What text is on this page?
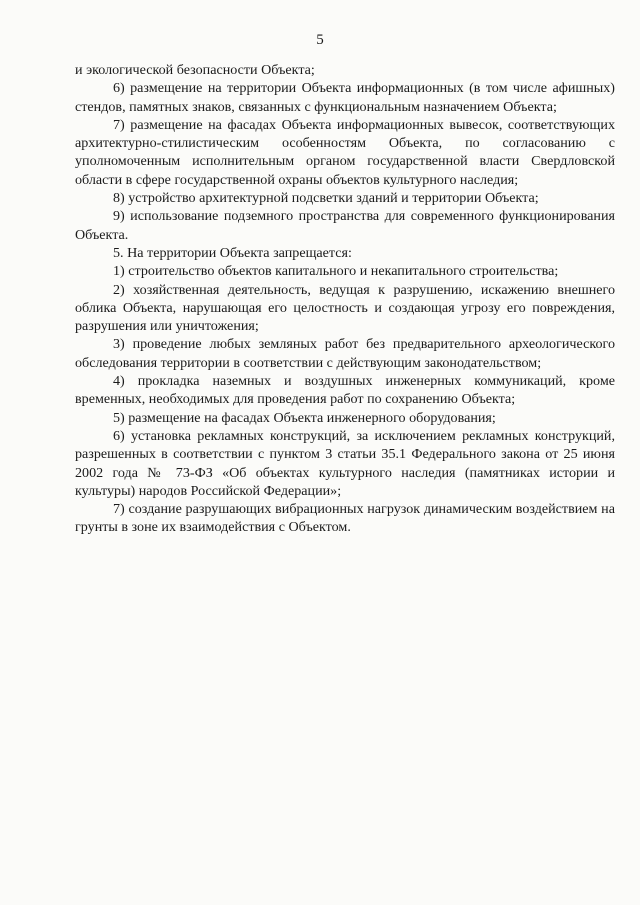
5

и экологической безопасности Объекта;

6) размещение на территории Объекта информационных (в том числе афишных) стендов, памятных знаков, связанных с функциональным назначением Объекта;

7) размещение на фасадах Объекта информационных вывесок, соответствующих архитектурно-стилистическим особенностям Объекта, по согласованию с уполномоченным исполнительным органом государственной власти Свердловской области в сфере государственной охраны объектов культурного наследия;

8) устройство архитектурной подсветки зданий и территории Объекта;

9) использование подземного пространства для современного функционирования Объекта.

5. На территории Объекта запрещается:

1) строительство объектов капитального и некапитального строительства;

2) хозяйственная деятельность, ведущая к разрушению, искажению внешнего облика Объекта, нарушающая его целостность и создающая угрозу его повреждения, разрушения или уничтожения;

3) проведение любых земляных работ без предварительного археологического обследования территории в соответствии с действующим законодательством;

4) прокладка наземных и воздушных инженерных коммуникаций, кроме временных, необходимых для проведения работ по сохранению Объекта;

5) размещение на фасадах Объекта инженерного оборудования;

6) установка рекламных конструкций, за исключением рекламных конструкций, разрешенных в соответствии с пунктом 3 статьи 35.1 Федерального закона от 25 июня 2002 года № 73-ФЗ «Об объектах культурного наследия (памятниках истории и культуры) народов Российской Федерации»;

7) создание разрушающих вибрационных нагрузок динамическим воздействием на грунты в зоне их взаимодействия с Объектом.
